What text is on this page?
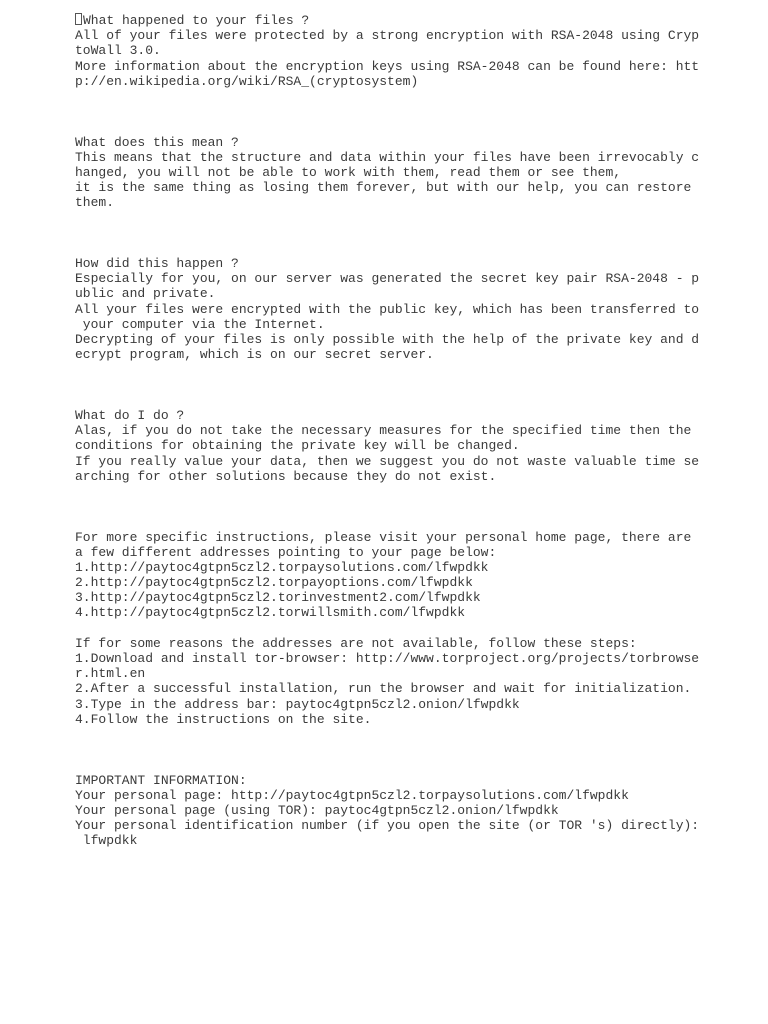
What happened to your files ?
All of your files were protected by a strong encryption with RSA-2048 using Cryp
toWall 3.0.
More information about the encryption keys using RSA-2048 can be found here: htt
p://en.wikipedia.org/wiki/RSA_(cryptosystem)
What does this mean ?
This means that the structure and data within your files have been irrevocably c
hanged, you will not be able to work with them, read them or see them,
it is the same thing as losing them forever, but with our help, you can restore
them.
How did this happen ?
Especially for you, on our server was generated the secret key pair RSA-2048 - p
ublic and private.
All your files were encrypted with the public key, which has been transferred to
your computer via the Internet.
Decrypting of your files is only possible with the help of the private key and d
ecrypt program, which is on our secret server.
What do I do ?
Alas, if you do not take the necessary measures for the specified time then the
conditions for obtaining the private key will be changed.
If you really value your data, then we suggest you do not waste valuable time se
arching for other solutions because they do not exist.
For more specific instructions, please visit your personal home page, there are
a few different addresses pointing to your page below:
1.http://paytoc4gtpn5czl2.torpaysolutions.com/lfwpdkk
2.http://paytoc4gtpn5czl2.torpayoptions.com/lfwpdkk
3.http://paytoc4gtpn5czl2.torinvestment2.com/lfwpdkk
4.http://paytoc4gtpn5czl2.torwillsmith.com/lfwpdkk
If for some reasons the addresses are not available, follow these steps:
1.Download and install tor-browser: http://www.torproject.org/projects/torbrowse
r.html.en
2.After a successful installation, run the browser and wait for initialization.
3.Type in the address bar: paytoc4gtpn5czl2.onion/lfwpdkk
4.Follow the instructions on the site.
IMPORTANT INFORMATION:
Your personal page: http://paytoc4gtpn5czl2.torpaysolutions.com/lfwpdkk
Your personal page (using TOR): paytoc4gtpn5czl2.onion/lfwpdkk
Your personal identification number (if you open the site (or TOR 's) directly):
lfwpdkk
